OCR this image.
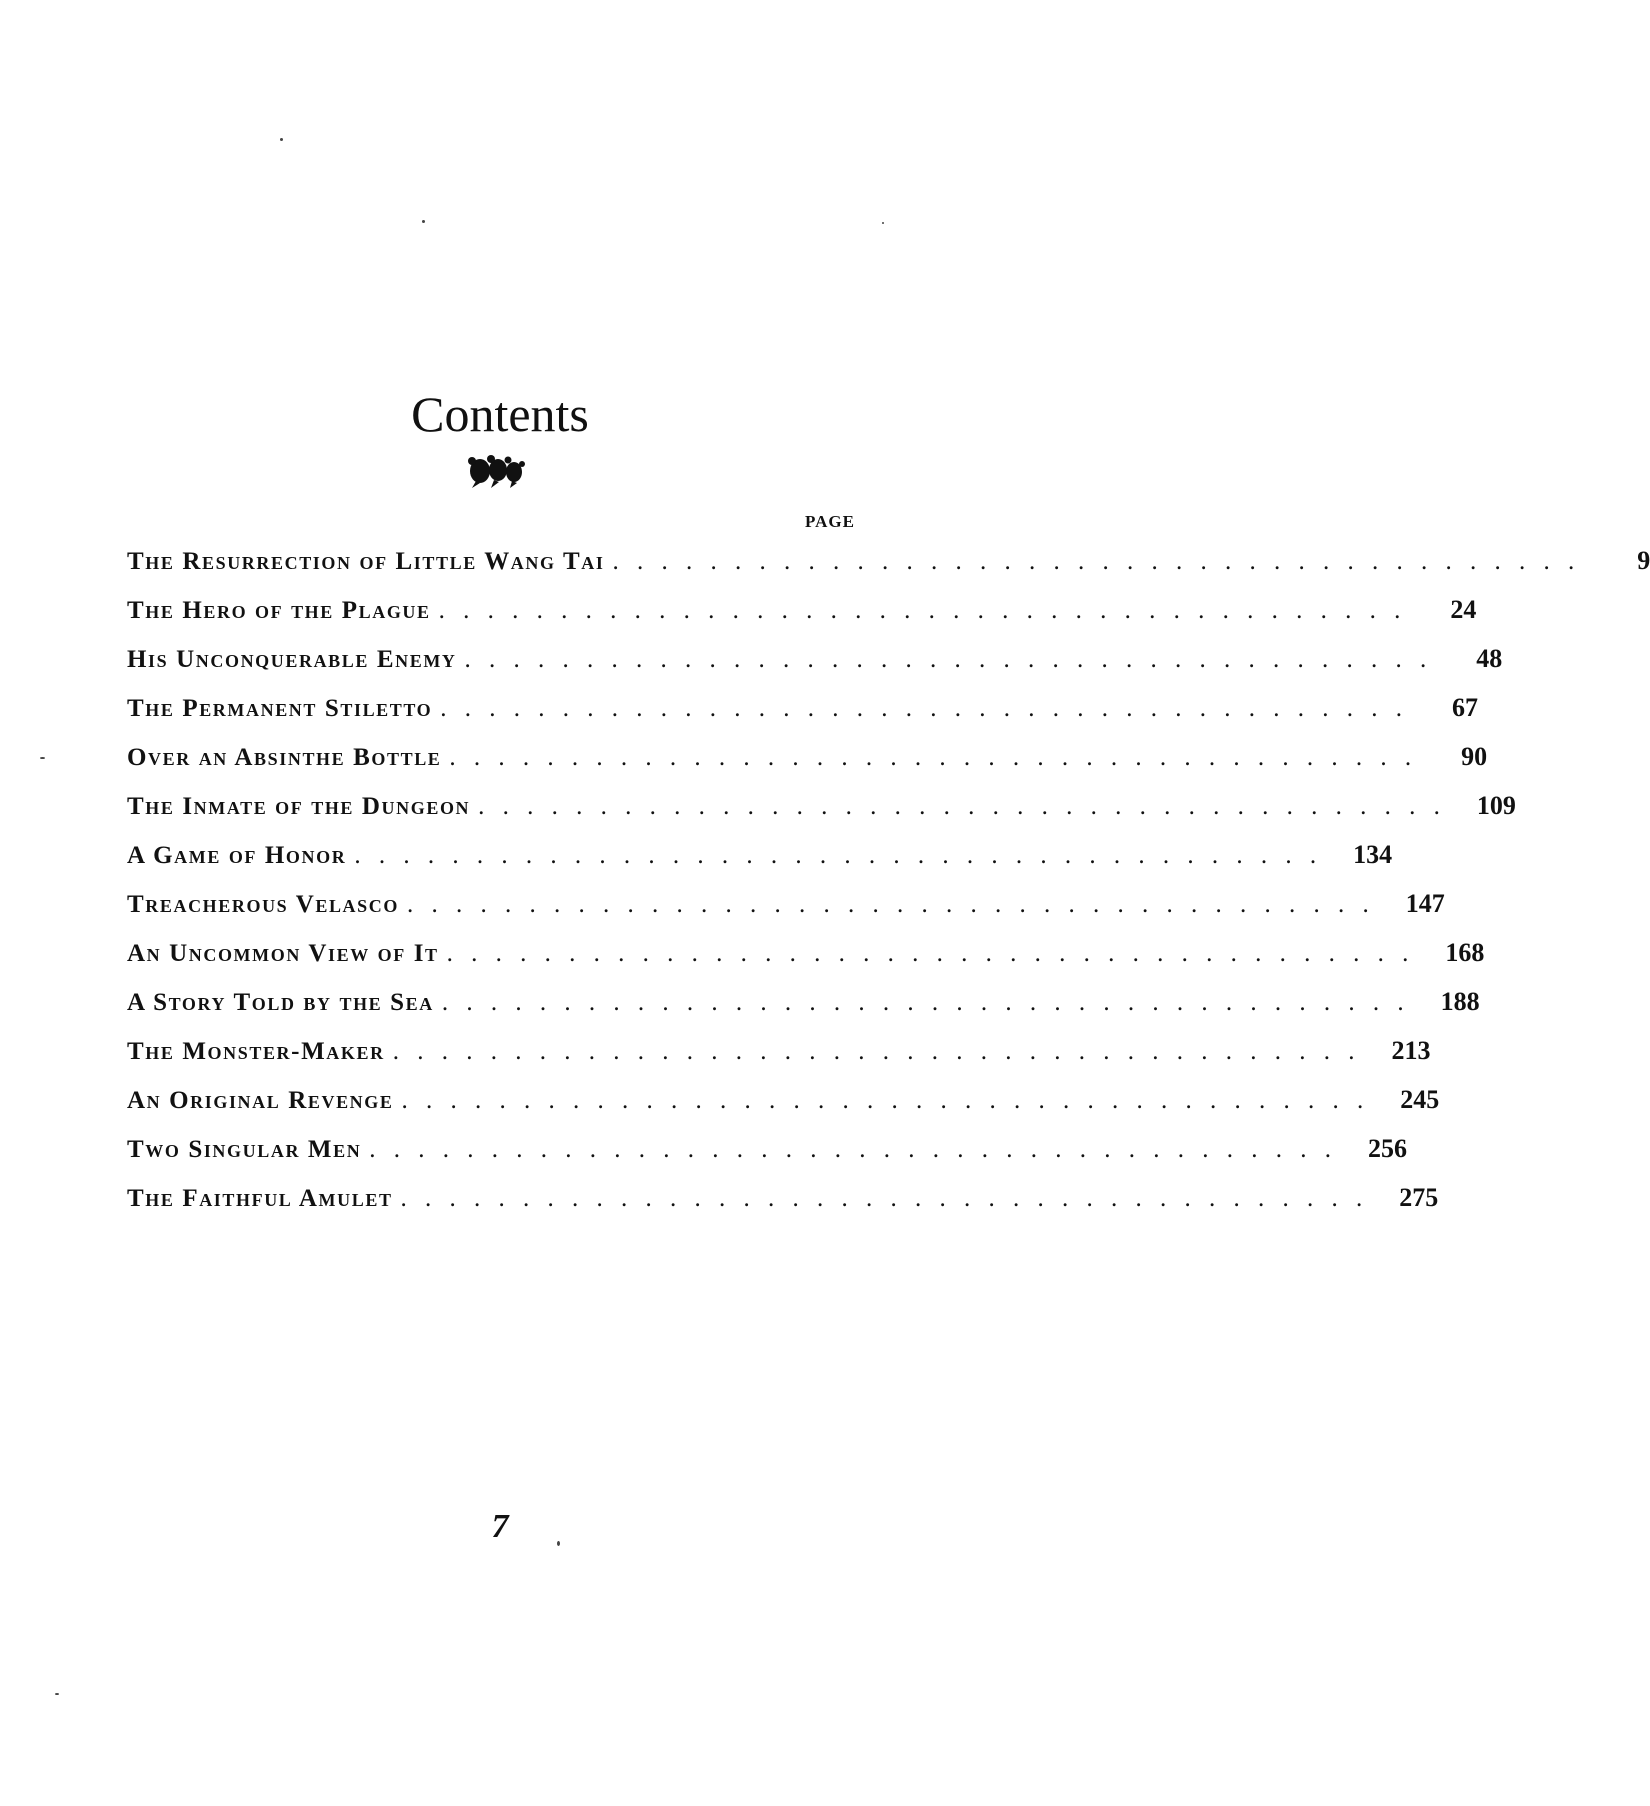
Contents
PAGE
The Resurrection of Little Wang Tai . . . . . . . . . . . . . . . . . . . . . . . . . . . . . . . . . . . . . . . .	9
The Hero of the Plague . . . . . . . . . . . . . . . . . . . . . . . . . . . . . . . . . . . . . . . .	24
His Unconquerable Enemy . . . . . . . . . . . . . . . . . . . . . . . . . . . . . . . . . . . . . . . .	48
The Permanent Stiletto . . . . . . . . . . . . . . . . . . . . . . . . . . . . . . . . . . . . . . . .	67
Over an Absinthe Bottle . . . . . . . . . . . . . . . . . . . . . . . . . . . . . . . . . . . . . . . .	90
The Inmate of the Dungeon . . . . . . . . . . . . . . . . . . . . . . . . . . . . . . . . . . . . . . . .	109
A Game of Honor . . . . . . . . . . . . . . . . . . . . . . . . . . . . . . . . . . . . . . . .	134
Treacherous Velasco . . . . . . . . . . . . . . . . . . . . . . . . . . . . . . . . . . . . . . . .	147
An Uncommon View of It . . . . . . . . . . . . . . . . . . . . . . . . . . . . . . . . . . . . . . . .	168
A Story Told by the Sea . . . . . . . . . . . . . . . . . . . . . . . . . . . . . . . . . . . . . . . .	188
The Monster-Maker . . . . . . . . . . . . . . . . . . . . . . . . . . . . . . . . . . . . . . . .	213
An Original Revenge . . . . . . . . . . . . . . . . . . . . . . . . . . . . . . . . . . . . . . . .	245
Two Singular Men . . . . . . . . . . . . . . . . . . . . . . . . . . . . . . . . . . . . . . . .	256
The Faithful Amulet . . . . . . . . . . . . . . . . . . . . . . . . . . . . . . . . . . . . . . . .	275
7
